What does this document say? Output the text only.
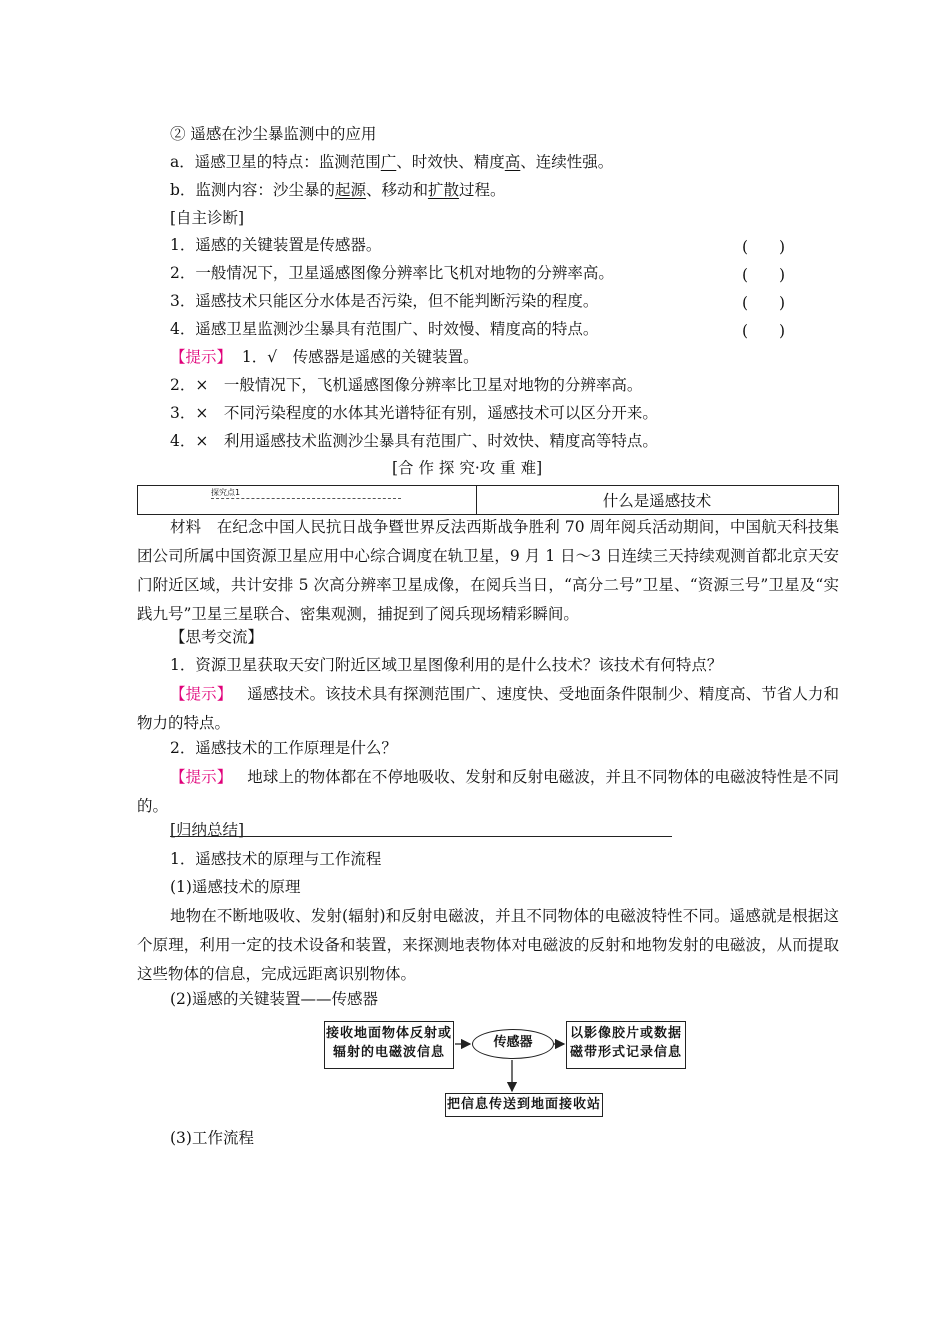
② 遥感在沙尘暴监测中的应用
a．遥感卫星的特点：监测范围广、时效快、精度高、连续性强。
b．监测内容：沙尘暴的起源、移动和扩散过程。
[自主诊断]
1．遥感的关键装置是传感器。	(　　)
2．一般情况下，卫星遥感图像分辨率比飞机对地物的分辨率高。	(　　)
3．遥感技术只能区分水体是否污染，但不能判断污染的程度。	(　　)
4．遥感卫星监测沙尘暴具有范围广、时效慢、精度高的特点。	(　　)
【提示】 1．√　传感器是遥感的关键装置。
2．×　一般情况下，飞机遥感图像分辨率比卫星对地物的分辨率高。
3．×　不同污染程度的水体其光谱特征有别，遥感技术可以区分开来。
4．×　利用遥感技术监测沙尘暴具有范围广、时效快、精度高等特点。
[合 作 探 究·攻 重 难]
探究点1	什么是遥感技术
材料　在纪念中国人民抗日战争暨世界反法西斯战争胜利 70 周年阅兵活动期间，中国航天科技集团公司所属中国资源卫星应用中心综合调度在轨卫星，9 月 1 日～3 日连续三天持续观测首都北京天安门附近区域，共计安排 5 次高分辨率卫星成像，在阅兵当日，“高分二号”卫星、“资源三号”卫星及“实践九号”卫星三星联合、密集观测，捕捉到了阅兵现场精彩瞬间。
【思考交流】
1．资源卫星获取天安门附近区域卫星图像利用的是什么技术？该技术有何特点？
【提示】 遥感技术。该技术具有探测范围广、速度快、受地面条件限制少、精度高、节省人力和物力的特点。
2．遥感技术的工作原理是什么？
【提示】 地球上的物体都在不停地吸收、发射和反射电磁波，并且不同物体的电磁波特性是不同的。
[归纳总结]
1．遥感技术的原理与工作流程
(1)遥感技术的原理
地物在不断地吸收、发射(辐射)和反射电磁波，并且不同物体的电磁波特性不同。遥感就是根据这个原理，利用一定的技术设备和装置，来探测地表物体对电磁波的反射和地物发射的电磁波，从而提取这些物体的信息，完成远距离识别物体。
(2)遥感的关键装置——传感器
接收地面物体反射或
辐射的电磁波信息
传感器
以影像胶片或数据
磁带形式记录信息
把信息传送到地面接收站
(3)工作流程
